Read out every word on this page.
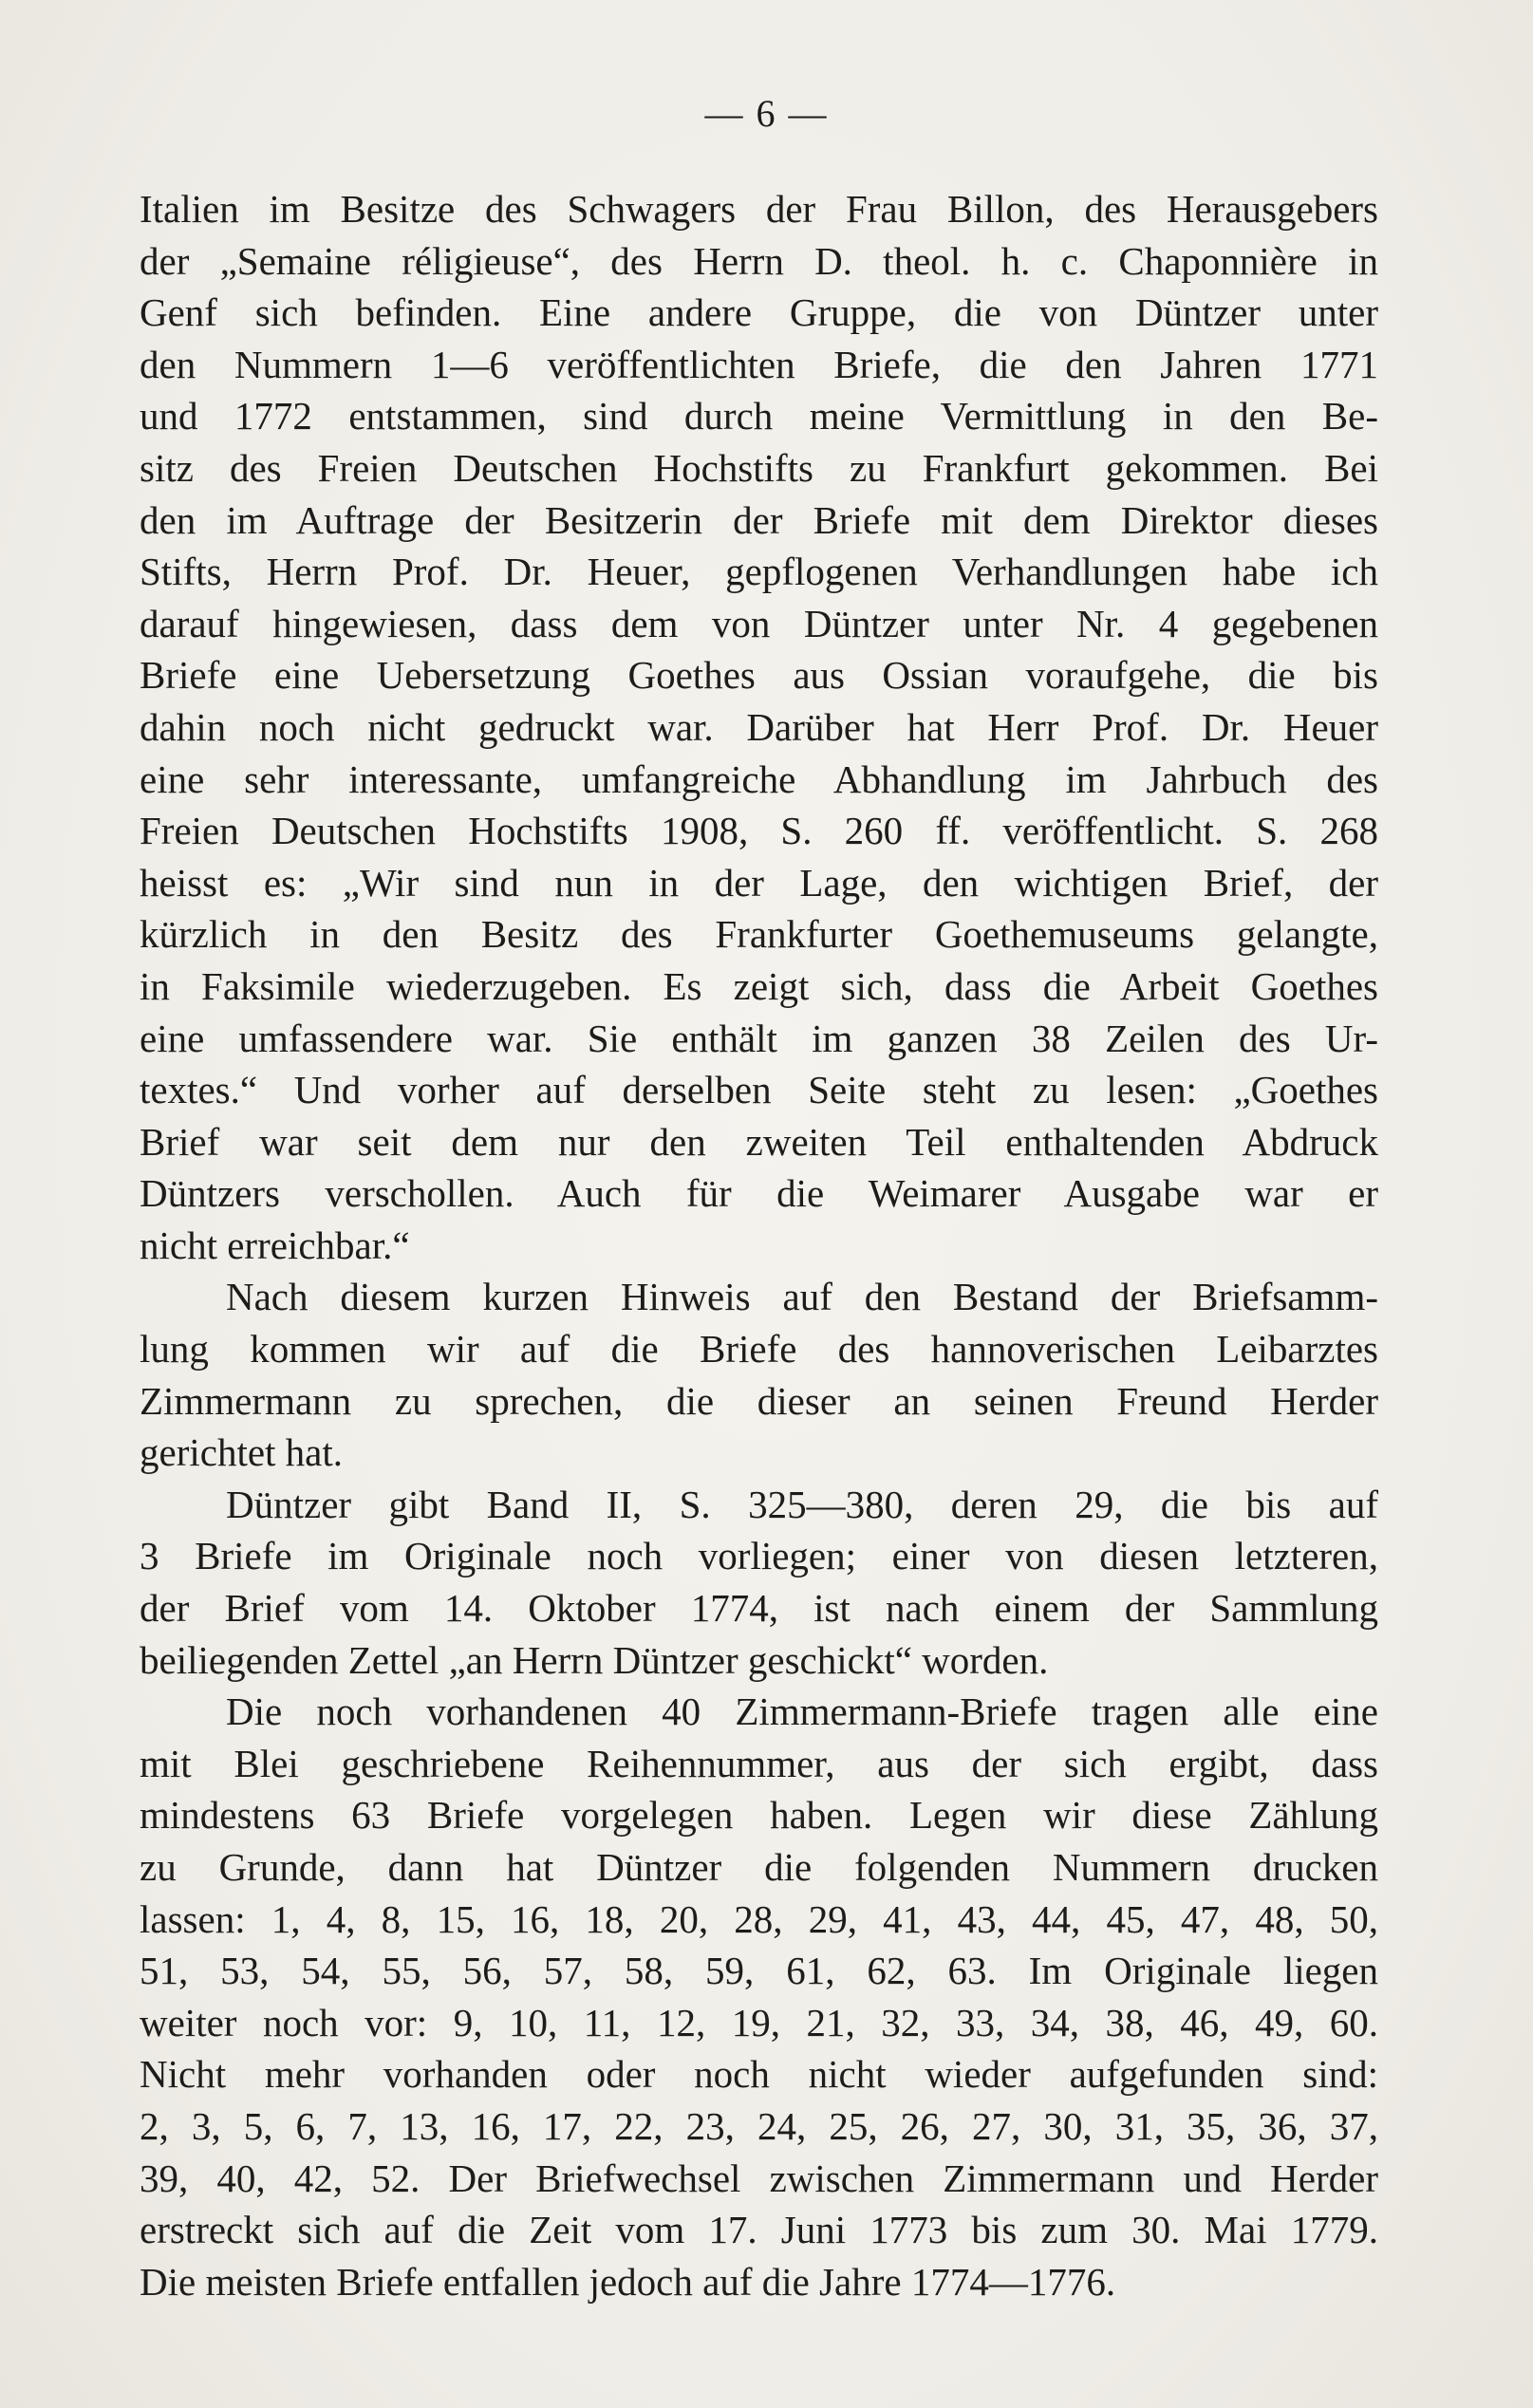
— 6 —
Italien im Besitze des Schwagers der Frau Billon, des Herausgebers
der „Semaine réligieuse“, des Herrn D. theol. h. c. Chaponnière in
Genf sich befinden. Eine andere Gruppe, die von Düntzer unter
den Nummern 1—6 veröffentlichten Briefe, die den Jahren 1771
und 1772 entstammen, sind durch meine Vermittlung in den Be-
sitz des Freien Deutschen Hochstifts zu Frankfurt gekommen. Bei
den im Auftrage der Besitzerin der Briefe mit dem Direktor dieses
Stifts, Herrn Prof. Dr. Heuer, gepflogenen Verhandlungen habe ich
darauf hingewiesen, dass dem von Düntzer unter Nr. 4 gegebenen
Briefe eine Uebersetzung Goethes aus Ossian voraufgehe, die bis
dahin noch nicht gedruckt war. Darüber hat Herr Prof. Dr. Heuer
eine sehr interessante, umfangreiche Abhandlung im Jahrbuch des
Freien Deutschen Hochstifts 1908, S. 260 ff. veröffentlicht. S. 268
heisst es: „Wir sind nun in der Lage, den wichtigen Brief, der
kürzlich in den Besitz des Frankfurter Goethemuseums gelangte,
in Faksimile wiederzugeben. Es zeigt sich, dass die Arbeit Goethes
eine umfassendere war. Sie enthält im ganzen 38 Zeilen des Ur-
textes.“ Und vorher auf derselben Seite steht zu lesen: „Goethes
Brief war seit dem nur den zweiten Teil enthaltenden Abdruck
Düntzers verschollen. Auch für die Weimarer Ausgabe war er
nicht erreichbar.“
Nach diesem kurzen Hinweis auf den Bestand der Briefsamm-
lung kommen wir auf die Briefe des hannoverischen Leibarztes
Zimmermann zu sprechen, die dieser an seinen Freund Herder
gerichtet hat.
Düntzer gibt Band II, S. 325—380, deren 29, die bis auf
3 Briefe im Originale noch vorliegen; einer von diesen letzteren,
der Brief vom 14. Oktober 1774, ist nach einem der Sammlung
beiliegenden Zettel „an Herrn Düntzer geschickt“ worden.
Die noch vorhandenen 40 Zimmermann-Briefe tragen alle eine
mit Blei geschriebene Reihennummer, aus der sich ergibt, dass
mindestens 63 Briefe vorgelegen haben. Legen wir diese Zählung
zu Grunde, dann hat Düntzer die folgenden Nummern drucken
lassen: 1, 4, 8, 15, 16, 18, 20, 28, 29, 41, 43, 44, 45, 47, 48, 50,
51, 53, 54, 55, 56, 57, 58, 59, 61, 62, 63. Im Originale liegen
weiter noch vor: 9, 10, 11, 12, 19, 21, 32, 33, 34, 38, 46, 49, 60.
Nicht mehr vorhanden oder noch nicht wieder aufgefunden sind:
2, 3, 5, 6, 7, 13, 16, 17, 22, 23, 24, 25, 26, 27, 30, 31, 35, 36, 37,
39, 40, 42, 52. Der Briefwechsel zwischen Zimmermann und Herder
erstreckt sich auf die Zeit vom 17. Juni 1773 bis zum 30. Mai 1779.
Die meisten Briefe entfallen jedoch auf die Jahre 1774—1776.
